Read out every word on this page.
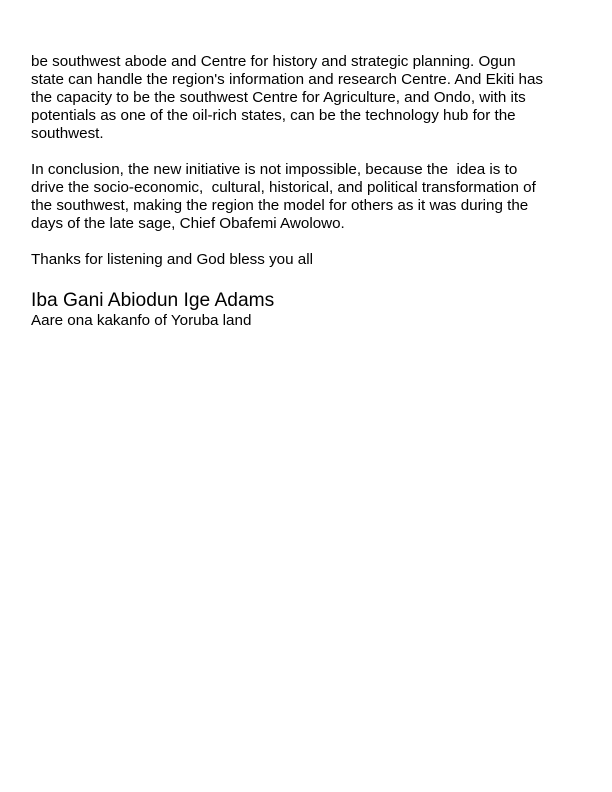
be southwest abode and Centre for history and strategic planning. Ogun
state can handle the region's information and research Centre. And Ekiti has
the capacity to be the southwest Centre for Agriculture, and Ondo, with its
potentials as one of the oil-rich states, can be the technology hub for the
southwest.

In conclusion, the new initiative is not impossible, because the  idea is to
drive the socio-economic,  cultural, historical, and political transformation of
the southwest, making the region the model for others as it was during the
days of the late sage, Chief Obafemi Awolowo.

Thanks for listening and God bless you all

Iba Gani Abiodun Ige Adams

Aare ona kakanfo of Yoruba land
